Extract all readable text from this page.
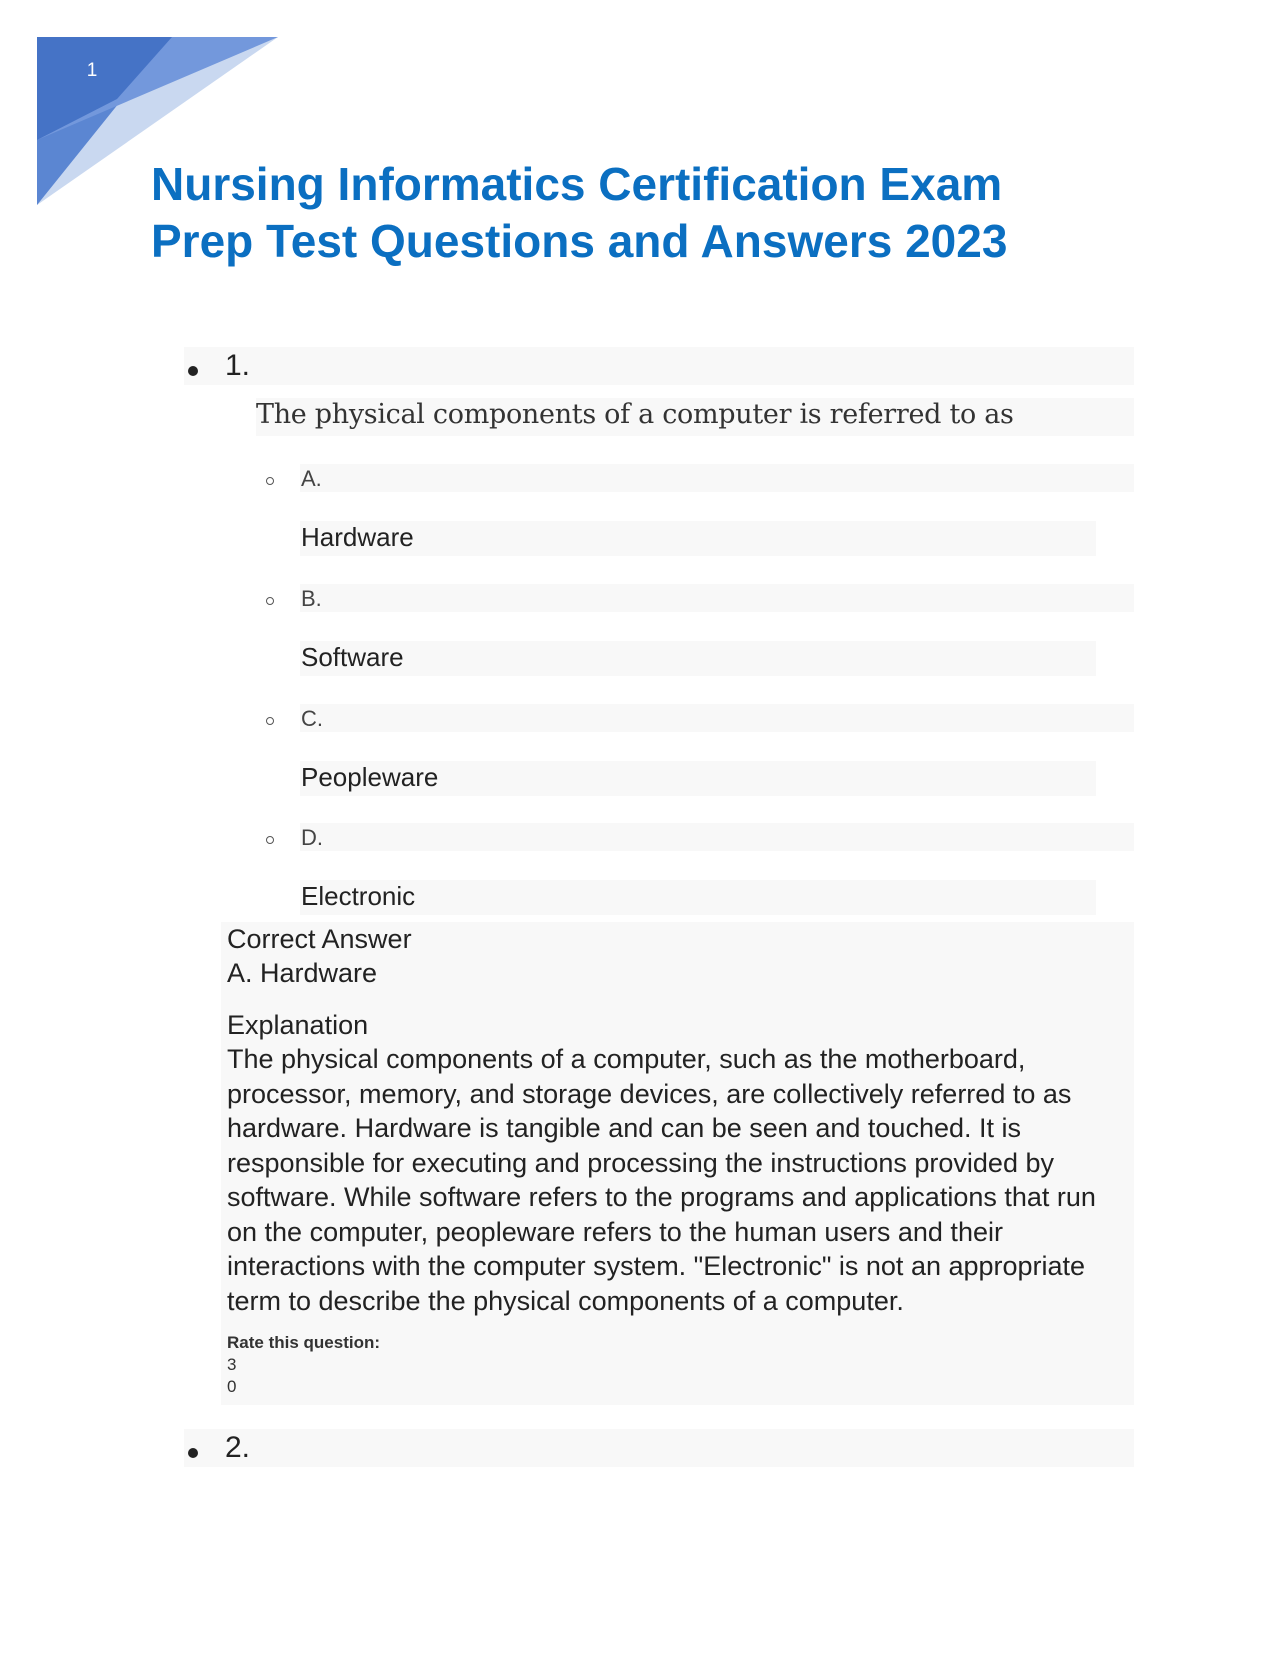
1
Nursing Informatics Certification Exam
Prep Test Questions and Answers 2023
1.
The physical components of a computer is referred to as
A.
Hardware
B.
Software
C.
Peopleware
D.
Electronic
Correct Answer
A. Hardware
Explanation

The physical components of a computer, such as the motherboard, processor, memory, and storage devices, are collectively referred to as hardware. Hardware is tangible and can be seen and touched. It is responsible for executing and processing the instructions provided by software. While software refers to the programs and applications that run on the computer, peopleware refers to the human users and their interactions with the computer system. "Electronic" is not an appropriate term to describe the physical components of a computer.

Rate this question:
3
0
2.
